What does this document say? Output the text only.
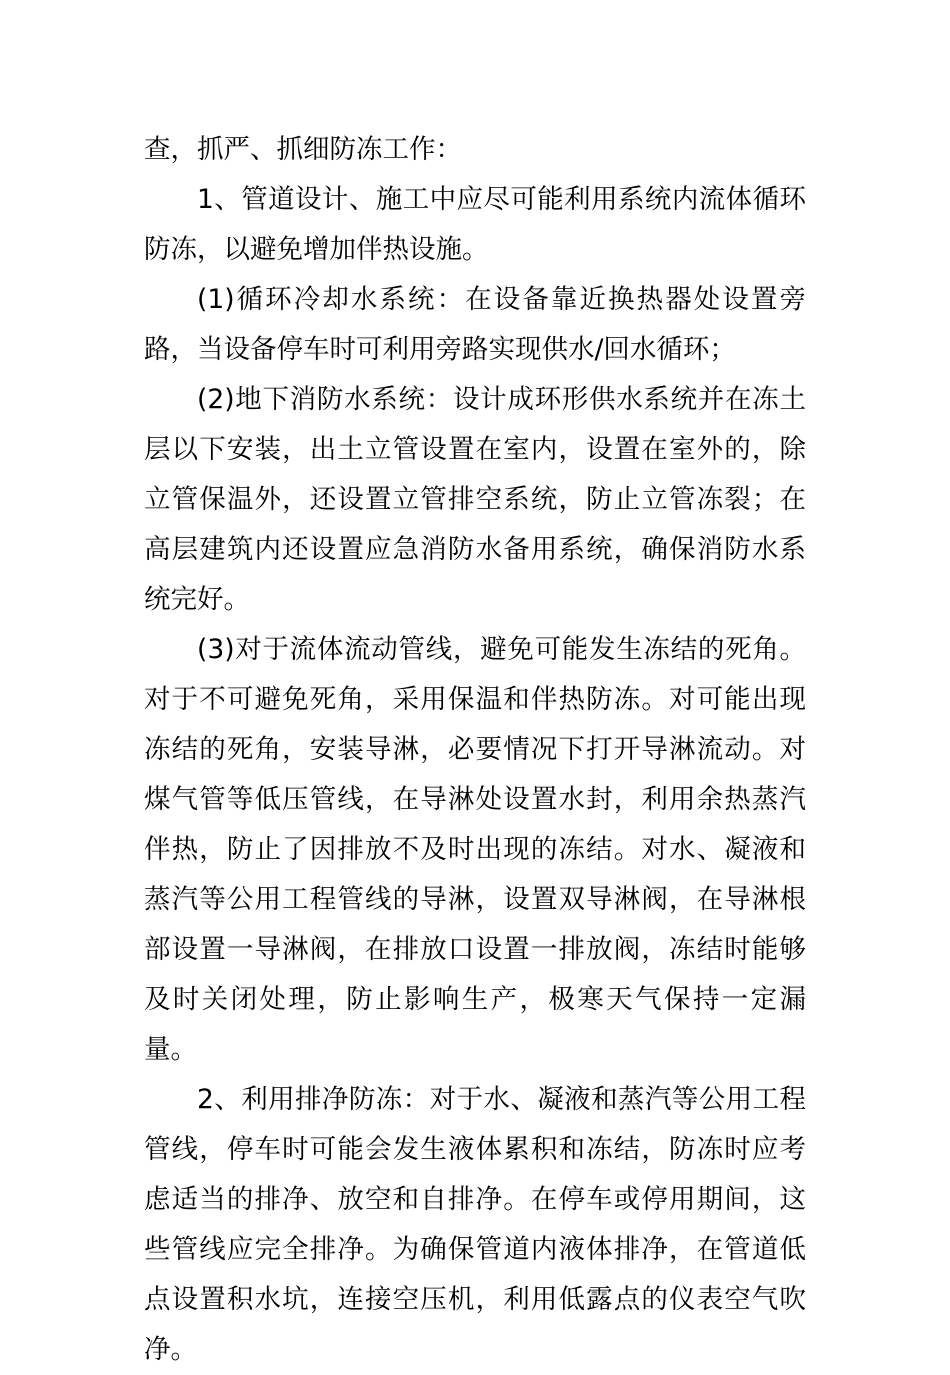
查，抓严、抓细防冻工作：

1、管道设计、施工中应尽可能利用系统内流体循环防冻，以避免增加伴热设施。

(1)循环冷却水系统：在设备靠近换热器处设置旁路，当设备停车时可利用旁路实现供水/回水循环；

(2)地下消防水系统：设计成环形供水系统并在冻土层以下安装，出土立管设置在室内，设置在室外的，除立管保温外，还设置立管排空系统，防止立管冻裂；在高层建筑内还设置应急消防水备用系统，确保消防水系统完好。

(3)对于流体流动管线，避免可能发生冻结的死角。对于不可避免死角，采用保温和伴热防冻。对可能出现冻结的死角，安装导淋，必要情况下打开导淋流动。对煤气管等低压管线，在导淋处设置水封，利用余热蒸汽伴热，防止了因排放不及时出现的冻结。对水、凝液和蒸汽等公用工程管线的导淋，设置双导淋阀，在导淋根部设置一导淋阀，在排放口设置一排放阀，冻结时能够及时关闭处理，防止影响生产，极寒天气保持一定漏量。

2、利用排净防冻：对于水、凝液和蒸汽等公用工程管线，停车时可能会发生液体累积和冻结，防冻时应考虑适当的排净、放空和自排净。在停车或停用期间，这些管线应完全排净。为确保管道内液体排净，在管道低点设置积水坑，连接空压机，利用低露点的仪表空气吹净。
